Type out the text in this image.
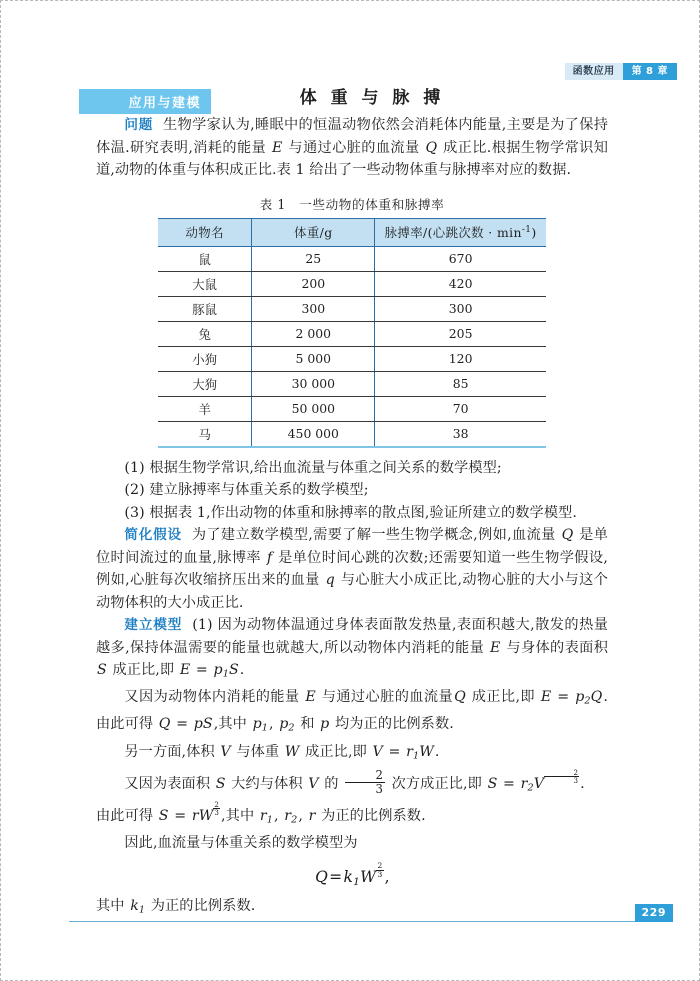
函数应用	第 8 章
应用与建模	体 重 与 脉 搏

问题 生物学家认为,睡眠中的恒温动物依然会消耗体内能量,主要是为了保持体温.研究表明,消耗的能量 E 与通过心脏的血流量 Q 成正比.根据生物学常识知道,动物的体重与体积成正比.表 1 给出了一些动物体重与脉搏率对应的数据.

表 1　一些动物的体重和脉搏率
动物名	体重/g	脉搏率/(心跳次数 · $\min^{-1}$)
鼠	25	670
大鼠	200	420
豚鼠	300	300
兔	2 000	205
小狗	5 000	120
大狗	30 000	85
羊	50 000	70
马	450 000	38

(1) 根据生物学常识,给出血流量与体重之间关系的数学模型;

(2) 建立脉搏率与体重关系的数学模型;

(3) 根据表 1,作出动物的体重和脉搏率的散点图,验证所建立的数学模型.

简化假设 为了建立数学模型,需要了解一些生物学概念,例如,血流量 Q 是单位时间流过的血量,脉博率 f 是单位时间心跳的次数;还需要知道一些生物学假设,例如,心脏每次收缩挤压出来的血量 q 与心脏大小成正比,动物心脏的大小与这个动物体积的大小成正比.

建立模型 (1) 因为动物体温通过身体表面散发热量,表面积越大,散发的热量越多,保持体温需要的能量也就越大,所以动物体内消耗的能量 E 与身体的表面积S 成正比,即 $E = p_1S$.

又因为动物体内消耗的能量 E 与通过心脏的血流量Q 成正比,即 $E = p_2Q$. 由此可得 Q = pS,其中 $p_1$, $p_2$ 和 p 均为正的比例系数.

另一方面,体积 V 与体重 W 成正比,即 $V = r_1W$.

又因为表面积 S 大约与体积 V 的 $\frac{2}{3}$ 次方成正比,即 $S = r_2V \frac{2}{3}$ .

由此可得 S = rW $\frac{2}{3}$ ,其中 $r_1$, $r_2$, r 为正的比例系数.

因此,血流量与体重关系的数学模型为

$Q=k_1W \frac{2}{3}$ ,

其中 $k_1$ 为正的比例系数.	229
